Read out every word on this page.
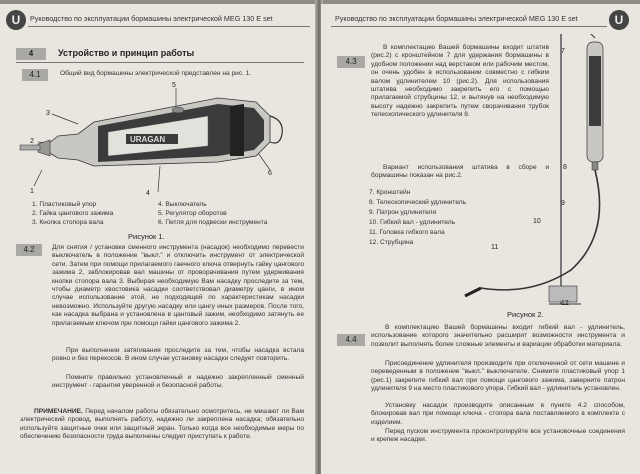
U	Руководство по эксплуатации бормашины электрической MEG 130 E set
4	Устройство и принцип работы
4.1	Общий вид бормашины электрической представлен на рис. 1.
URAGAN
5
3
2
1	4
6
1. Пластиковый упор
2. Гайка цангового зажима
3. Кнопка стопора вала
4. Выключатель
5. Регулятор оборотов
6. Петля для подвески инструмента
Рисунок 1.
4.2	Для снятия / установки сменного инструмента (насадок) необходимо перевести выключатель в положение "выкл." и отключить инструмент от электрической сети. Затем при помощи прилагаемого гаечного ключа отвернуть гайку цангового зажима 2, заблокировав вал машины от проворачивания путем удерживания кнопки стопора вала 3. Выбирая необходимую Вам насадку проследите за тем, чтобы диаметр хвостовика насадки соответствовал диаметру цанги, в ином случае использование этой, не подходящей по характеристикам насадки невозможно. Используйте другую насадку или цангу иных размеров. После того, как насадка выбрана и установлена в цанговый зажим, необходимо затянуть ее прилагаемым ключом при помощи гайки цангового зажима 2.
При выполнении затягивания проследите за тем, чтобы насадка встала ровно и без перекосов. В ином случае установку насадки следует повторить.
Помните правильно установленный и надежно закрепленный сменный инструмент - гарантия уверенной и безопасной работы.
ПРИМЕЧАНИЕ. Перед началом работы обязательно осмотритесь, не мешают ли Вам электрический провод, выполнять работу, надежно ли закреплена насадка; обязательно используйте защитные очки или защитный экран. Только когда все необходимые меры по обеспечению безопасности труда выполнены следует приступать к работе.
Руководство по эксплуатации бормашины электрической MEG 130 E set	U
4.3
В комплектацию Вашей бормашины входит штатив (рис.2) с кронштейном 7 для удержания бормашины в удобном положении над верстаком или рабочим местом, он очень удобен в использовании совместно с гибким валом удлинителем 10 (рис.2). Для использования штатива необходимо закрепить его с помощью прилагаемой струбцины 12, и вытянув на необходимую высоту надежно закрепить путем сворачивания трубок телескопического удлинителя 8.
Вариант использования штатива в сборе и бормашины показан на рис.2.
7. Кронштейн
8. Телескопический удлинитель
9. Патрон удлинителя
10. Гибкий вал - удлинитель
11. Головка гибкого вала
12. Струбцина
7
8
9
10
11
12
Рисунок 2.
4.4
В комплектацию Вашей бормашины входит гибкий вал - удлинитель, использование которого значительно расширит возможности инструмента и позволит выполнять более сложные элементы и вариации обработки материала.
Присоединение удлинителя производите при отключенной от сети машине и переведенным в положение "выкл." выключателе. Снимите пластиковый упор 1 (рис.1) закрепите гибкий вал при помощи цангового зажима, заверните патрон удлинителя 9 на место пластикового упора. Гибкий вал - удлинитель установлен.
Установку насадок производите описанным в пункте 4.2 способом, блокировав вал при помощи ключа - стопора вала поставляемого в комплекте с изделием.
Перед пуском инструмента проконтролируйте все установочные соединения и крепеж насадки.
